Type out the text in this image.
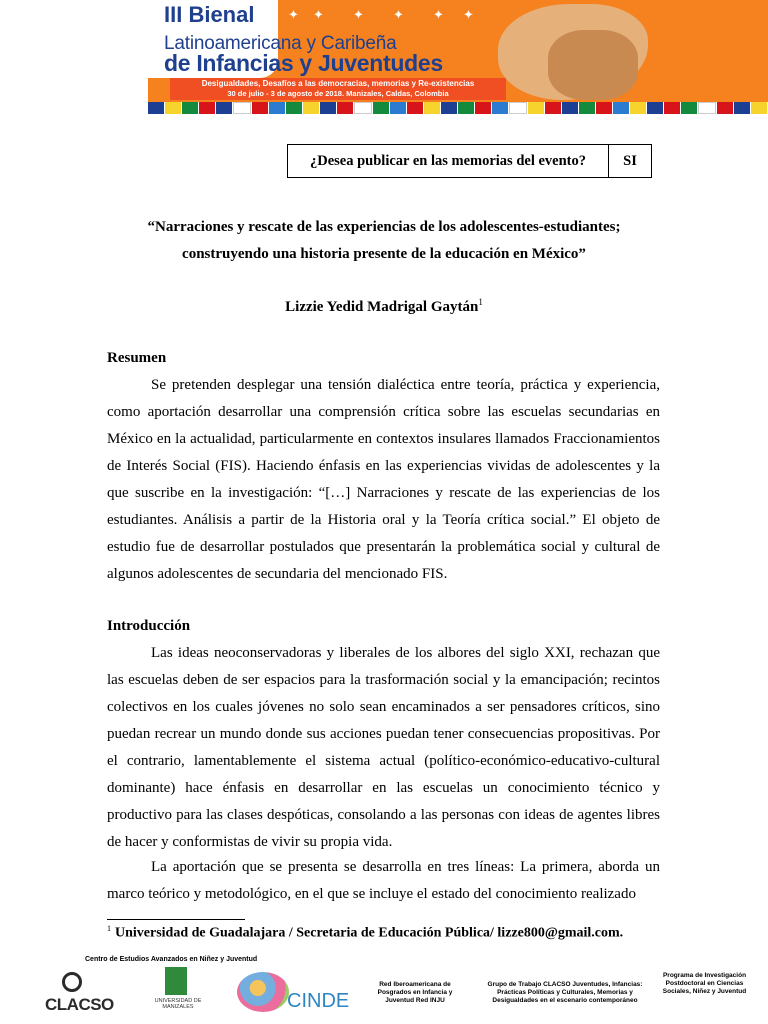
✦ ✦ ✦ ✦ ✦ ✦
III Bienal
Latinoamericana y Caribeña
de Infancias y Juventudes
Desigualdades, Desafíos a las democracias, memorias y Re-existencias
30 de julio - 3 de agosto de 2018. Manizales, Caldas, Colombia
¿Desea publicar en las memorias del evento?	SI
“Narraciones y rescate de las experiencias de los adolescentes-estudiantes;
construyendo una historia presente de la educación en México”
Lizzie Yedid Madrigal Gaytán$^1$
Resumen

Se pretenden desplegar una tensión dialéctica entre teoría, práctica y experiencia, como aportación desarrollar una comprensión crítica sobre las escuelas secundarias en México en la actualidad, particularmente en contextos insulares llamados Fraccionamientos de Interés Social (FIS). Haciendo énfasis en las experiencias vividas de adolescentes y la que suscribe en la investigación: “[…] Narraciones y rescate de las experiencias de los estudiantes. Análisis a partir de la Historia oral y la Teoría crítica social.” El objeto de estudio fue de desarrollar postulados que presentarán la problemática social y cultural de algunos adolescentes de secundaria del mencionado FIS.

Introducción

Las ideas neoconservadoras y liberales de los albores del siglo XXI, rechazan que las escuelas deben de ser espacios para la trasformación social y la emancipación; recintos colectivos en los cuales jóvenes no solo sean encaminados a ser pensadores críticos, sino puedan recrear un mundo donde sus acciones puedan tener consecuencias propositivas. Por el contrario, lamentablemente el sistema actual (político-económico-educativo-cultural dominante) hace énfasis en desarrollar en las escuelas un conocimiento técnico y productivo para las clases despóticas, consolando a las personas con ideas de agentes libres de hacer y conformistas de vivir su propia vida.

La aportación que se presenta se desarrolla en tres líneas: La primera, aborda un marco teórico y metodológico, en el que se incluye el estado del conocimiento realizado

$^1$ Universidad de Guadalajara / Secretaria de Educación Pública/ lizze800@gmail.com.
Centro de Estudios Avanzados en Niñez y Juventud
CLACSO	UNIVERSIDAD DE MANIZALES	CINDE
Red Iberoamericana de Posgrados en Infancia y Juventud Red INJU
Grupo de Trabajo CLACSO Juventudes, Infancias: Prácticas Políticas y Culturales, Memorias y Desigualdades en el escenario contemporáneo
Programa de Investigación Postdoctoral en Ciencias Sociales, Niñez y Juventud
